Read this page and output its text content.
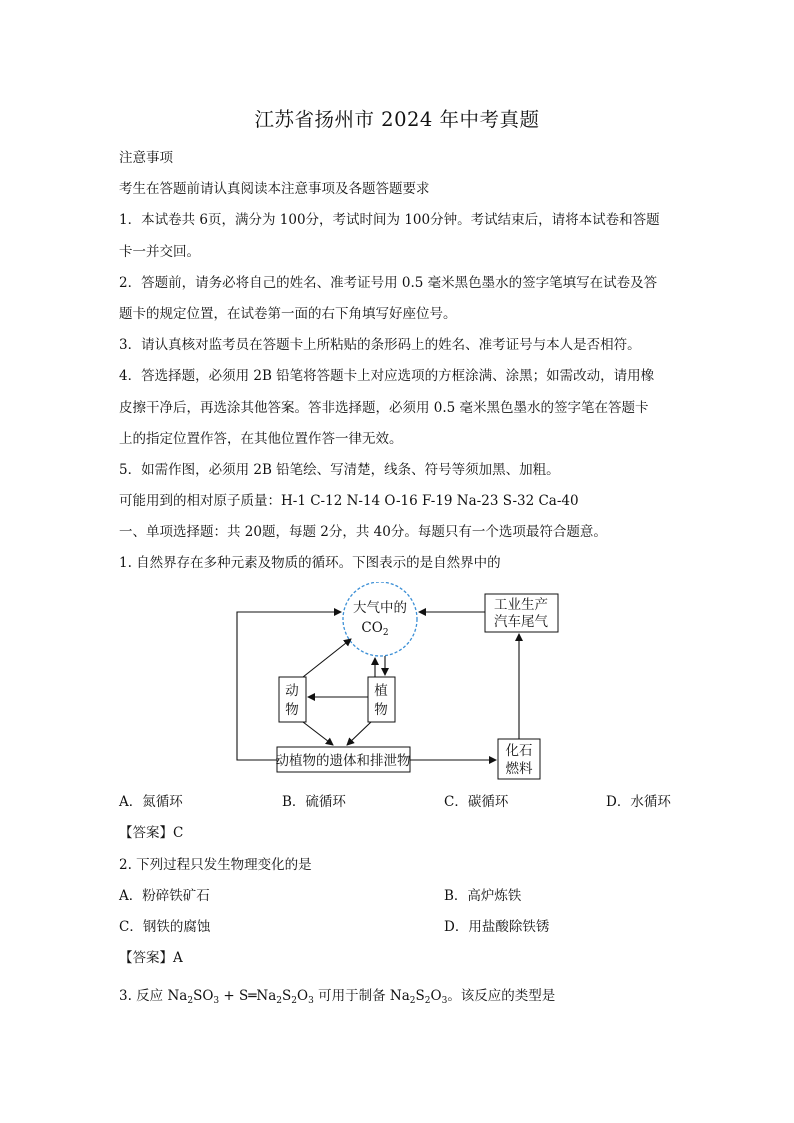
江苏省扬州市 2024 年中考真题
注意事项
考生在答题前请认真阅读本注意事项及各题答题要求
1．本试卷共 6页，满分为 100分，考试时间为 100分钟。考试结束后，请将本试卷和答题
卡一并交回。
2．答题前，请务必将自己的姓名、准考证号用 0.5 毫米黑色墨水的签字笔填写在试卷及答
题卡的规定位置，在试卷第一面的右下角填写好座位号。
3．请认真核对监考员在答题卡上所粘贴的条形码上的姓名、准考证号与本人是否相符。
4．答选择题，必须用 2B 铅笔将答题卡上对应选项的方框涂满、涂黑；如需改动，请用橡
皮擦干净后，再选涂其他答案。答非选择题，必须用 0.5 毫米黑色墨水的签字笔在答题卡
上的指定位置作答，在其他位置作答一律无效。
5．如需作图，必须用 2B 铅笔绘、写清楚，线条、符号等须加黑、加粗。
可能用到的相对原子质量：H-1 C-12 N-14 O-16 F-19 Na-23 S-32 Ca-40
一、单项选择题：共 20题，每题 2分，共 40分。每题只有一个选项最符合题意。
1. 自然界存在多种元素及物质的循环。下图表示的是自然界中的
大气中的
$CO_2$
工业生产
汽车尾气
动
物
植
物
动植物的遗体和排泄物
化石
燃料
A．氮循环	B．硫循环	C．碳循环	D．水循环
【答案】C
2. 下列过程只发生物理变化的是
A．粉碎铁矿石	B．高炉炼铁
C．钢铁的腐蚀	D．用盐酸除铁锈
【答案】A
3. 反应 $Na_2SO_3$ + $S═Na_2S_2O_3$ 可用于制备 $Na_2S_2O_3$。该反应的类型是
